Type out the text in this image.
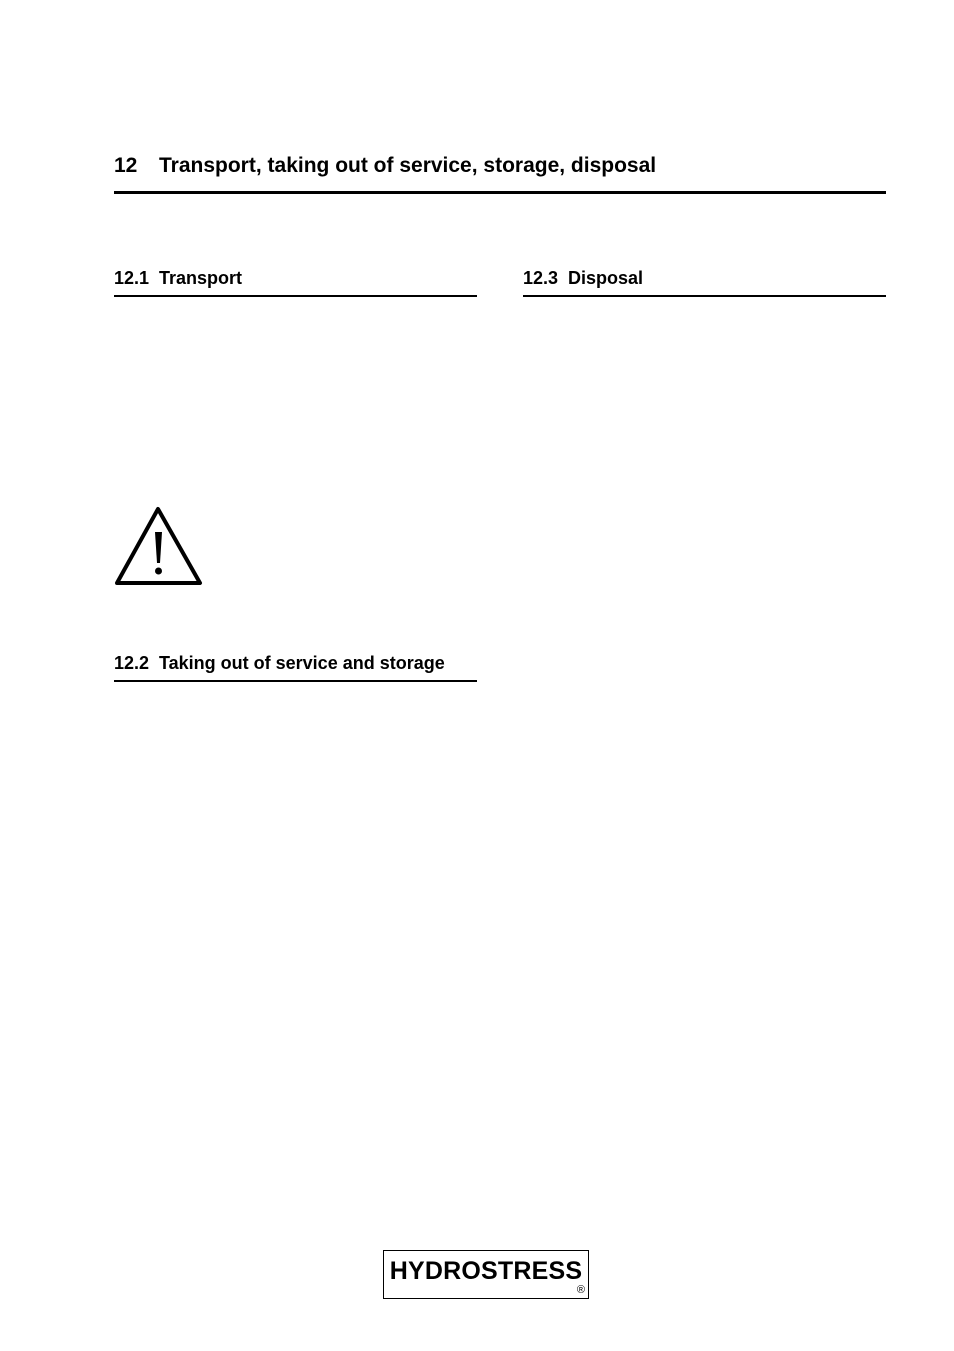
12 Transport, taking out of service, storage, disposal
12.1 Transport	12.3 Disposal
12.2 Taking out of service and storage
HYDROSTRESS
®
